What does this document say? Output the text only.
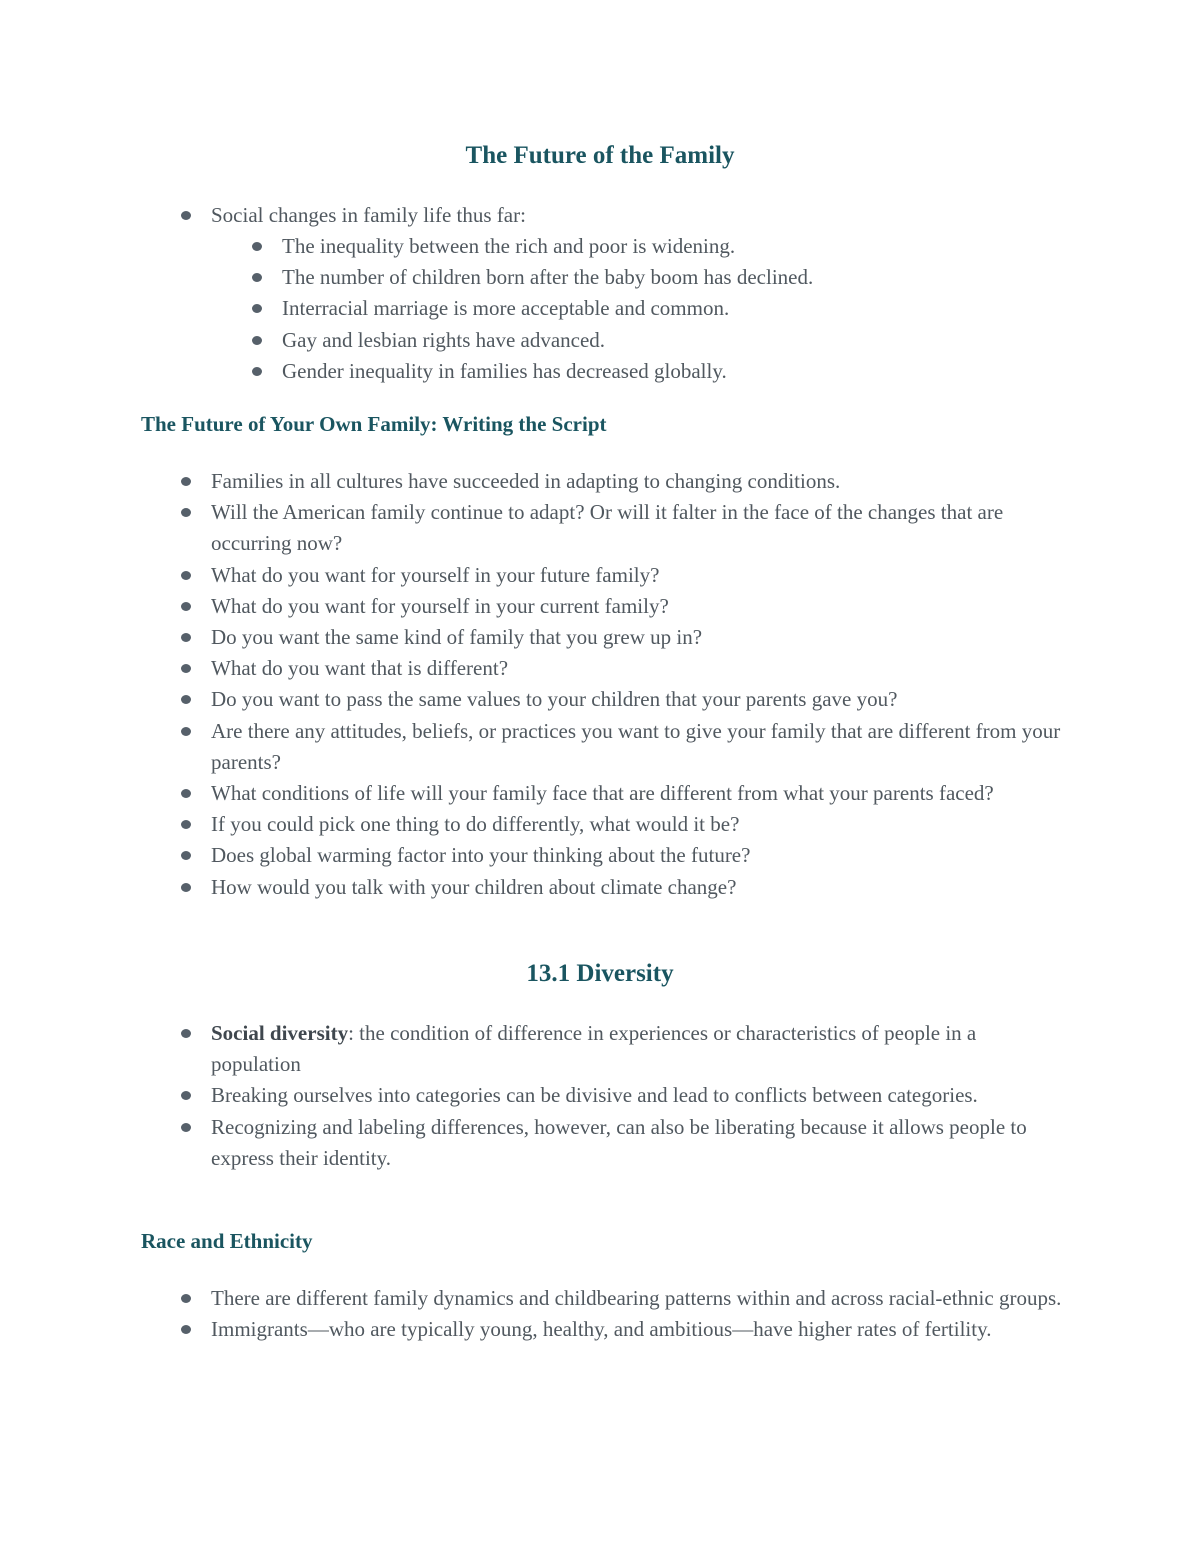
The Future of the Family
Social changes in family life thus far:
The inequality between the rich and poor is widening.
The number of children born after the baby boom has declined.
Interracial marriage is more acceptable and common.
Gay and lesbian rights have advanced.
Gender inequality in families has decreased globally.
The Future of Your Own Family: Writing the Script
Families in all cultures have succeeded in adapting to changing conditions.
Will the American family continue to adapt? Or will it falter in the face of the changes that are occurring now?
What do you want for yourself in your future family?
What do you want for yourself in your current family?
Do you want the same kind of family that you grew up in?
What do you want that is different?
Do you want to pass the same values to your children that your parents gave you?
Are there any attitudes, beliefs, or practices you want to give your family that are different from your parents?
What conditions of life will your family face that are different from what your parents faced?
If you could pick one thing to do differently, what would it be?
Does global warming factor into your thinking about the future?
How would you talk with your children about climate change?
13.1 Diversity
Social diversity: the condition of difference in experiences or characteristics of people in a population
Breaking ourselves into categories can be divisive and lead to conflicts between categories.
Recognizing and labeling differences, however, can also be liberating because it allows people to express their identity.
Race and Ethnicity
There are different family dynamics and childbearing patterns within and across racial-ethnic groups.
Immigrants—who are typically young, healthy, and ambitious—have higher rates of fertility.
